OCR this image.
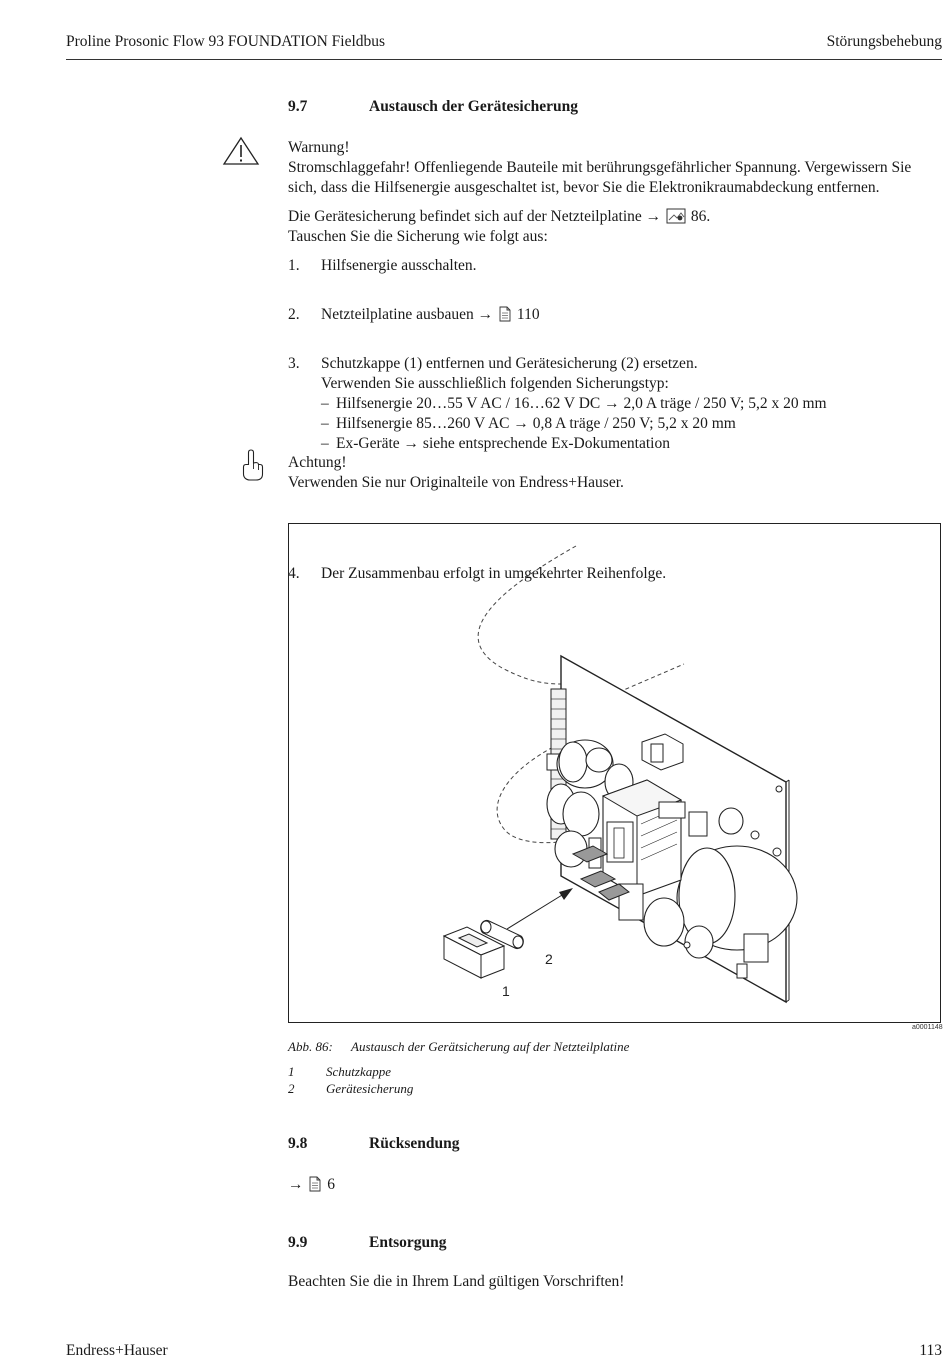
Proline Prosonic Flow 93 FOUNDATION Fieldbus	Störungsbehebung
9.7	Austausch der Gerätesicherung

Warnung!

Stromschlaggefahr! Offenliegende Bauteile mit berührungsgefährlicher Spannung. Vergewissern Sie sich, dass die Hilfsenergie ausgeschaltet ist, bevor Sie die Elektronikraumabdeckung entfernen.

Die Gerätesicherung befindet sich auf der Netzteilplatine → 86.

Tauschen Sie die Sicherung wie folgt aus:

1. Hilfsenergie ausschalten.
2. Netzteilplatine ausbauen → 110
3. Schutzkappe (1) entfernen und Gerätesicherung (2) ersetzen.

Verwenden Sie ausschließlich folgenden Sicherungstyp:

– Hilfsenergie 20…55 V AC / 16…62 V DC → 2,0 A träge / 250 V; 5,2 x 20 mm
– Hilfsenergie 85…260 V AC → 0,8 A träge / 250 V; 5,2 x 20 mm
– Ex-Geräte → siehe entsprechende Ex-Dokumentation
4. Der Zusammenbau erfolgt in umgekehrter Reihenfolge.

Achtung!

Verwenden Sie nur Originalteile von Endress+Hauser.

2
1
a0001148
Abb. 86: Austausch der Gerätsicherung auf der Netzteilplatine
1 Schutzkappe
2 Gerätesicherung
9.8	Rücksendung
→ 6
9.9	Entsorgung
Beachten Sie die in Ihrem Land gültigen Vorschriften!
Endress+Hauser	113
